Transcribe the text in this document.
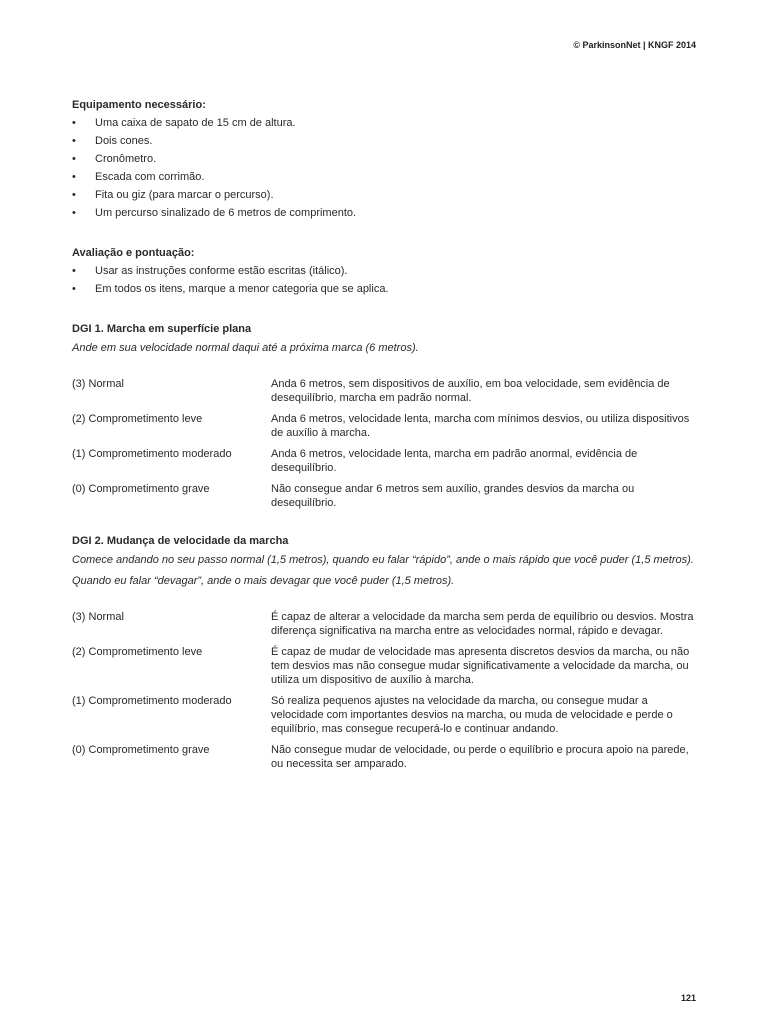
© ParkinsonNet | KNGF 2014

Equipamento necessário:

• Uma caixa de sapato de 15 cm de altura.
• Dois cones.
• Cronômetro.
• Escada com corrimão.
• Fita ou giz (para marcar o percurso).
• Um percurso sinalizado de 6 metros de comprimento.

Avaliação e pontuação:

• Usar as instruções conforme estão escritas (itálico).
• Em todos os itens, marque a menor categoria que se aplica.

DGI 1. Marcha em superfície plana

Ande em sua velocidade normal daqui até a próxima marca (6 metros).

(3) Normal	Anda 6 metros, sem dispositivos de auxílio, em boa velocidade, sem evidência de desequilíbrio, marcha em padrão normal.
(2) Comprometimento leve	Anda 6 metros, velocidade lenta, marcha com mínimos desvios, ou utiliza dispositivos de auxílio à marcha.
(1) Comprometimento moderado	Anda 6 metros, velocidade lenta, marcha em padrão anormal, evidência de desequilíbrio.
(0) Comprometimento grave	Não consegue andar 6 metros sem auxílio, grandes desvios da marcha ou desequilíbrio.

DGI 2. Mudança de velocidade da marcha

Comece andando no seu passo normal (1,5 metros), quando eu falar “rápido”, ande o mais rápido que você puder (1,5 metros). Quando eu falar “devagar”, ande o mais devagar que você puder (1,5 metros).

(3) Normal	É capaz de alterar a velocidade da marcha sem perda de equilíbrio ou desvios. Mostra diferença significativa na marcha entre as velocidades normal, rápido e devagar.
(2) Comprometimento leve	É capaz de mudar de velocidade mas apresenta discretos desvios da marcha, ou não tem desvios mas não consegue mudar significativamente a velocidade da marcha, ou utiliza um dispositivo de auxílio à marcha.
(1) Comprometimento moderado	Só realiza pequenos ajustes na velocidade da marcha, ou consegue mudar a velocidade com importantes desvios na marcha, ou muda de velocidade e perde o equilíbrio, mas consegue recuperá-lo e continuar andando.
(0) Comprometimento grave	Não consegue mudar de velocidade, ou perde o equilíbrio e procura apoio na parede, ou necessita ser amparado.
121
